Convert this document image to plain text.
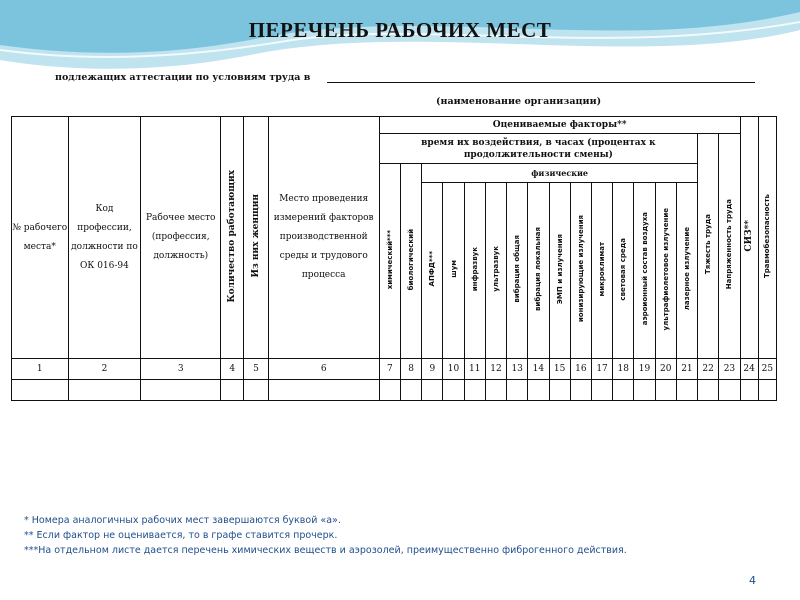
ПЕРЕЧЕНЬ РАБОЧИХ МЕСТ
подлежащих аттестации по условиям труда в
(наименование организации)
№ рабочего места*	Код профессии, должности по ОК 016-94	Рабочее место (профессия, должность)	Количество работающих	Из них женщин	Место проведения измерений факторов производственной среды и трудового процесса	Оцениваемые факторы**																	СИЗ**	Травмобезопасность
						время их воздействия, в часах (процентах к продолжительности смены)															Тяжесть труда	Напряженность труда		
						химический***	биологический	физические																
								АПФД***	шум	инфразвук	ультразвук	вибрация общая	вибрация локальная	ЭМП и излучения	ионизирующие излучения	микроклимат	световая среда	аэроионный состав воздуха	ультрафиолетовое излучение	лазерное излучение				
1	2	3	4	5	6	7	8	9	10	11	12	13	14	15	16	17	18	19	20	21	22	23	24	25

* Номера аналогичных рабочих мест завершаются буквой «а».
** Если фактор не оценивается, то в графе ставится прочерк.
***На отдельном листе дается перечень химических веществ и аэрозолей, преимущественно фиброгенного действия.
4
